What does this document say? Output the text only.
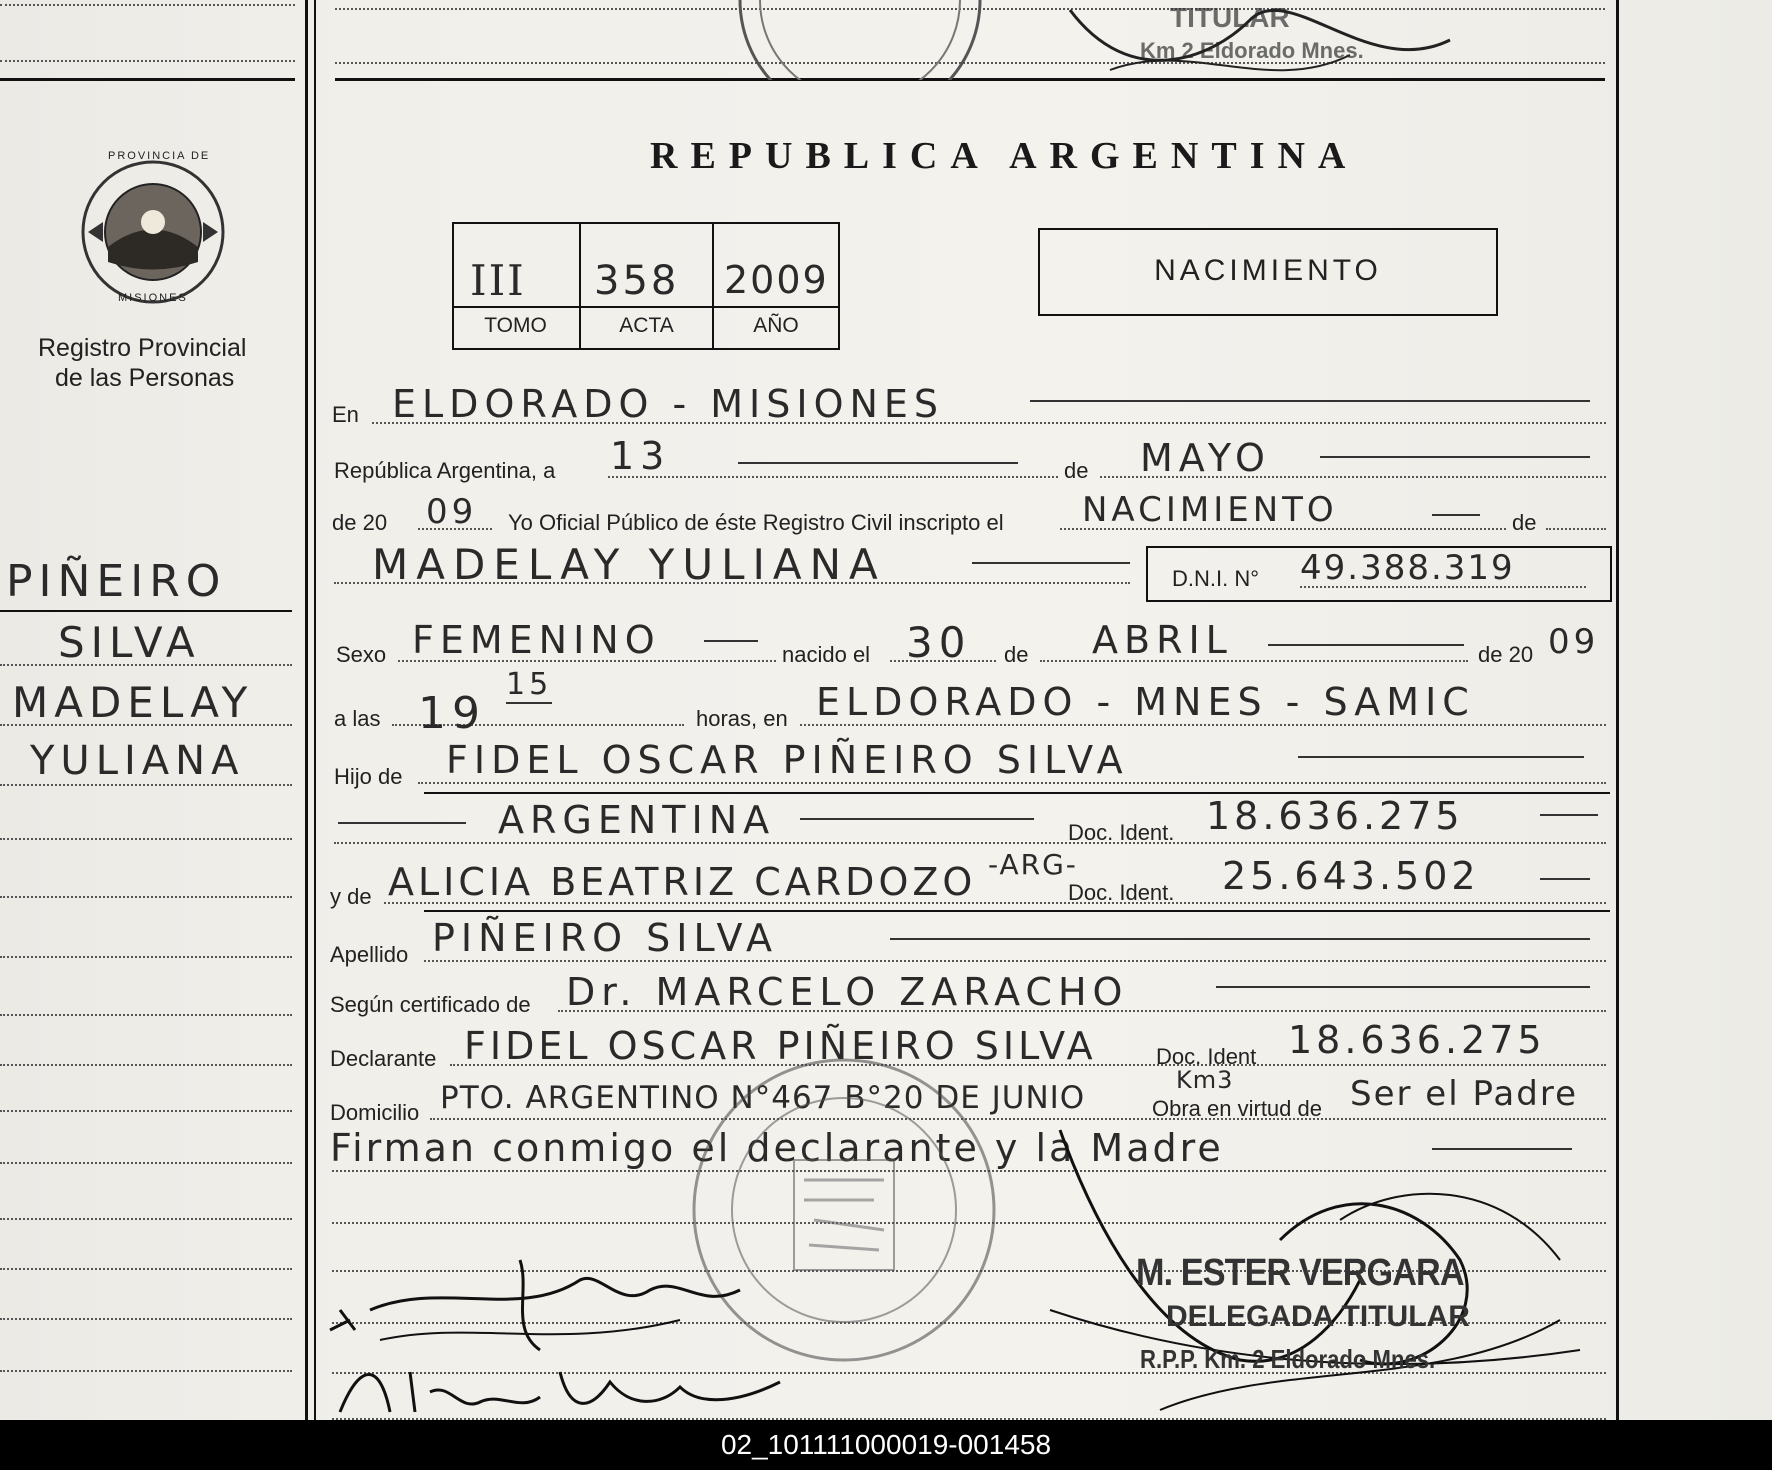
TITULAR
Km 2 Eldorado Mnes.
PROVINCIA DE
MISIONES
Registro Provincial
de las Personas
PIÑEIRO
SILVA
MADELAY
YULIANA
REPUBLICA ARGENTINA
III 358 2009
TOMO	ACTA	AÑO
NACIMIENTO
En ELDORADO - MISIONES
República Argentina, a 13	de MAYO
de 20 09 Yo Oficial Público de éste Registro Civil inscripto el NACIMIENTO	de
MADELAY YULIANA	D.N.I. N° 49.388.319
Sexo FEMENINO	nacido el 30 de ABRIL	de 20 09
a las 19
15
horas, en ELDORADO - MNES - SAMIC
Hijo de FIDEL OSCAR PIÑEIRO SILVA
ARGENTINA	Doc. Ident. 18.636.275
y de ALICIA BEATRIZ CARDOZO -ARG-
Doc. Ident. 25.643.502
Apellido PIÑEIRO SILVA
Según certificado de Dr. MARCELO ZARACHO
Declarante FIDEL OSCAR PIÑEIRO SILVA	Doc. Ident 18.636.275
Domicilio PTO. ARGENTINO N°467 B°20 DE JUNIO	Km3
Obra en virtud de Ser el Padre
Firman conmigo el declarante y la Madre
M. ESTER VERGARA
DELEGADA TITULAR
R.P.P. Km. 2 Eldorado Mnes.
02_101111000019-001458
